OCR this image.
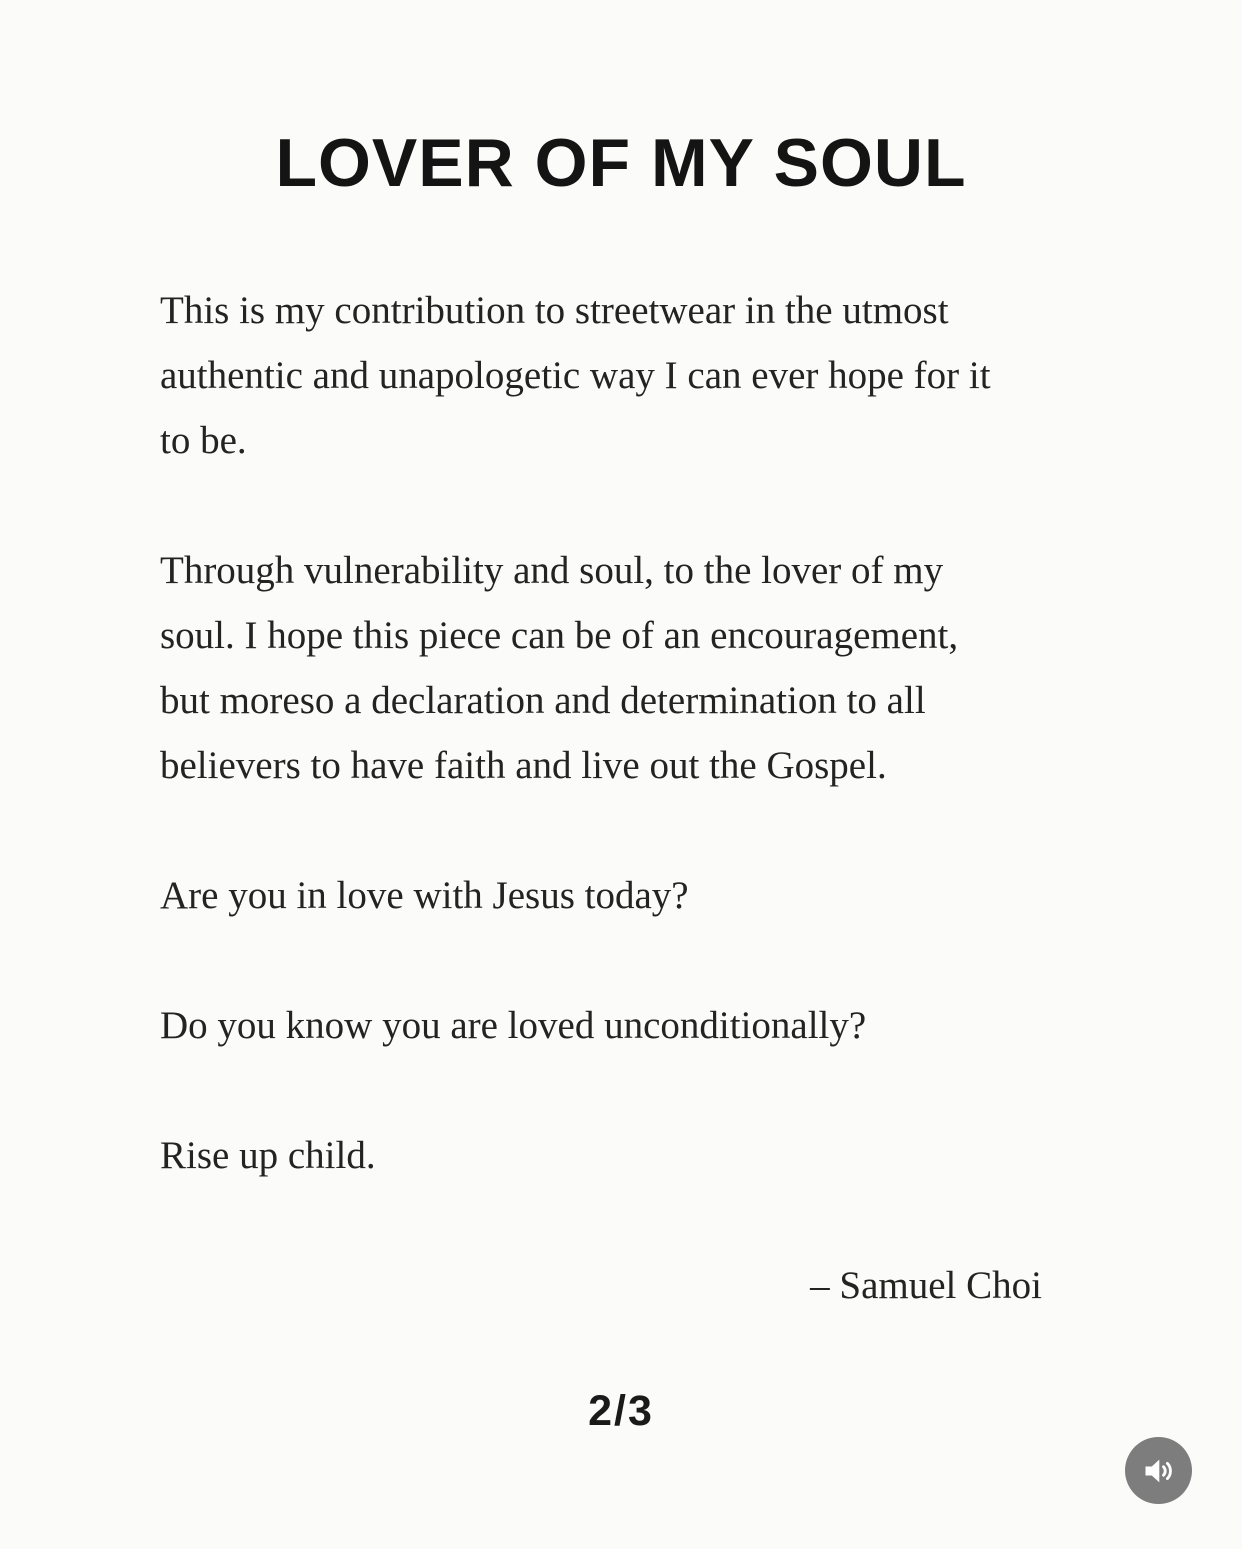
LOVER OF MY SOUL

This is my contribution to streetwear in the utmost
authentic and unapologetic way I can ever hope for it
to be.

Through vulnerability and soul, to the lover of my
soul. I hope this piece can be of an encouragement,
but moreso a declaration and determination to all
believers to have faith and live out the Gospel.

Are you in love with Jesus today?

Do you know you are loved unconditionally?

Rise up child.

– Samuel Choi
2/3
